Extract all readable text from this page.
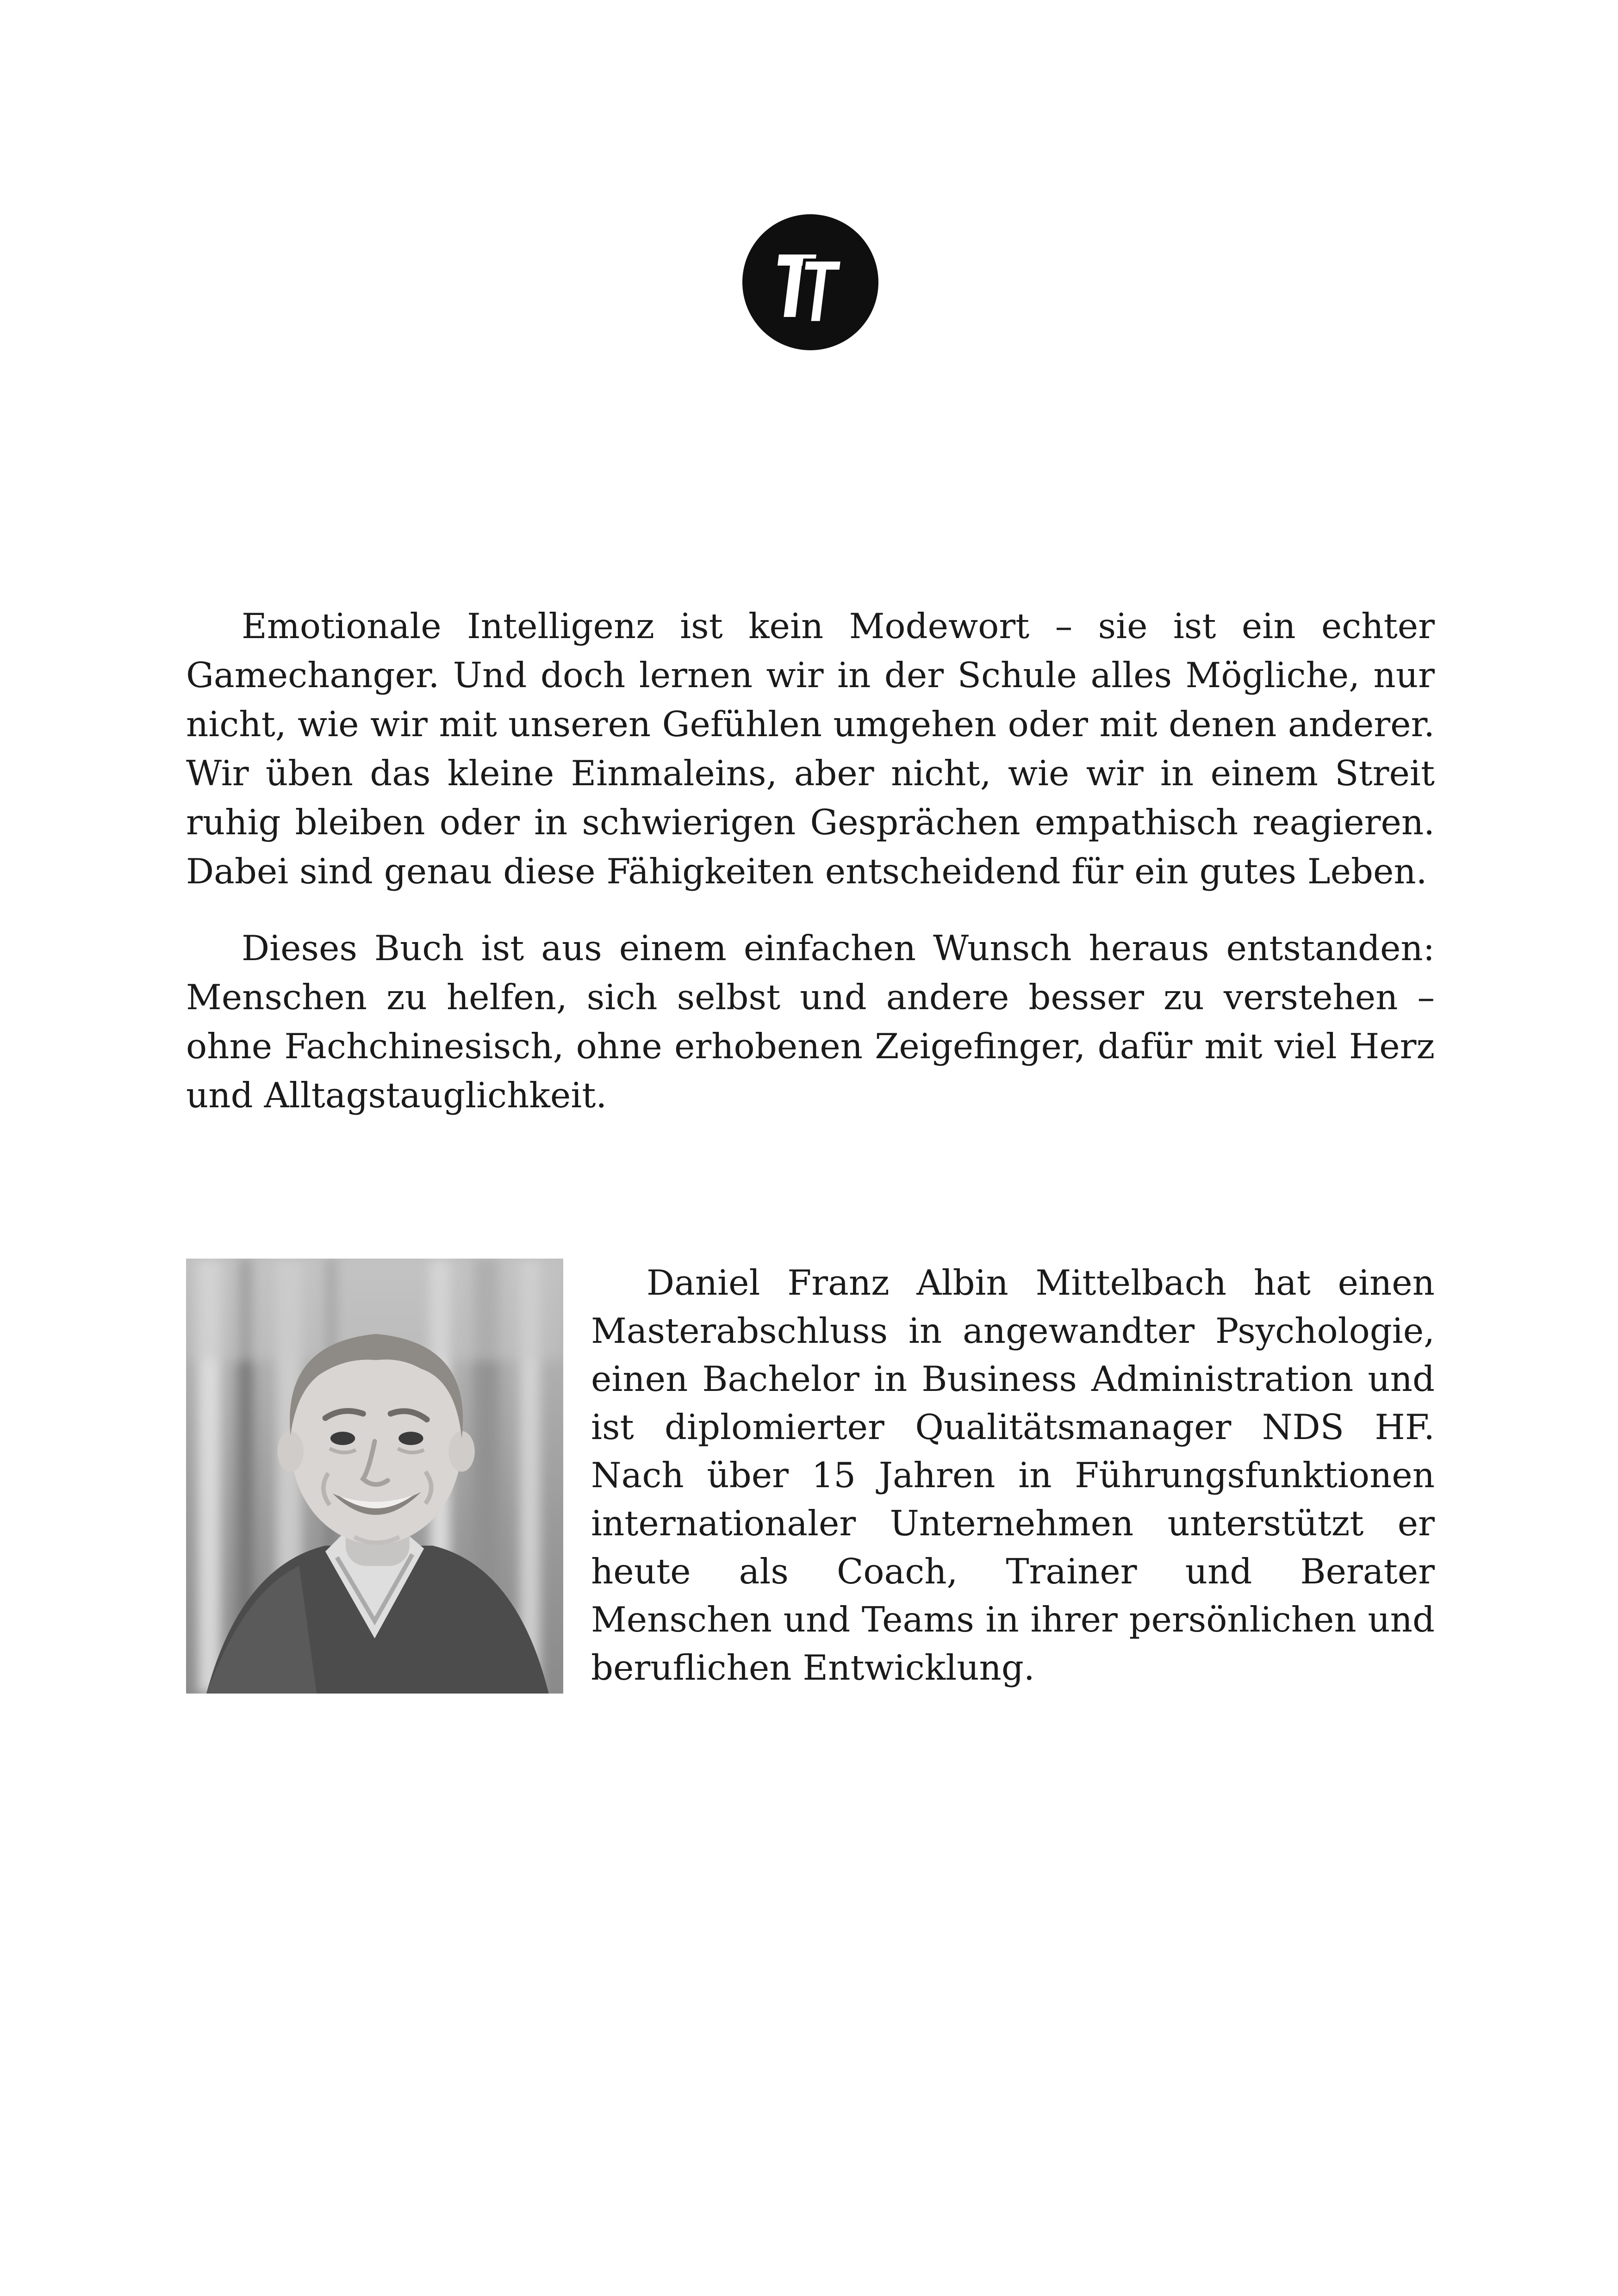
Emotionale Intelligenz ist kein Modewort – sie ist ein echter Gamechanger. Und doch lernen wir in der Schule alles Mögliche, nur nicht, wie wir mit unseren Gefühlen umgehen oder mit denen anderer. Wir üben das kleine Einmaleins, aber nicht, wie wir in einem Streit ruhig bleiben oder in schwierigen Gesprächen empathisch reagieren. Dabei sind genau diese Fähigkeiten entscheidend für ein gutes Leben.

Dieses Buch ist aus einem einfachen Wunsch heraus entstanden: Menschen zu helfen, sich selbst und andere besser zu verstehen – ohne Fachchinesisch, ohne erhobenen Zeigefinger, dafür mit viel Herz und Alltagstauglichkeit.

Daniel Franz Albin Mittelbach hat einen Masterabschluss in angewandter Psychologie, einen Bachelor in Business Administration und ist diplomierter Qualitätsmanager NDS HF. Nach über 15 Jahren in Führungsfunktionen internationaler Unternehmen unterstützt er heute als Coach, Trainer und Berater Menschen und Teams in ihrer persönlichen und beruflichen Entwicklung.
